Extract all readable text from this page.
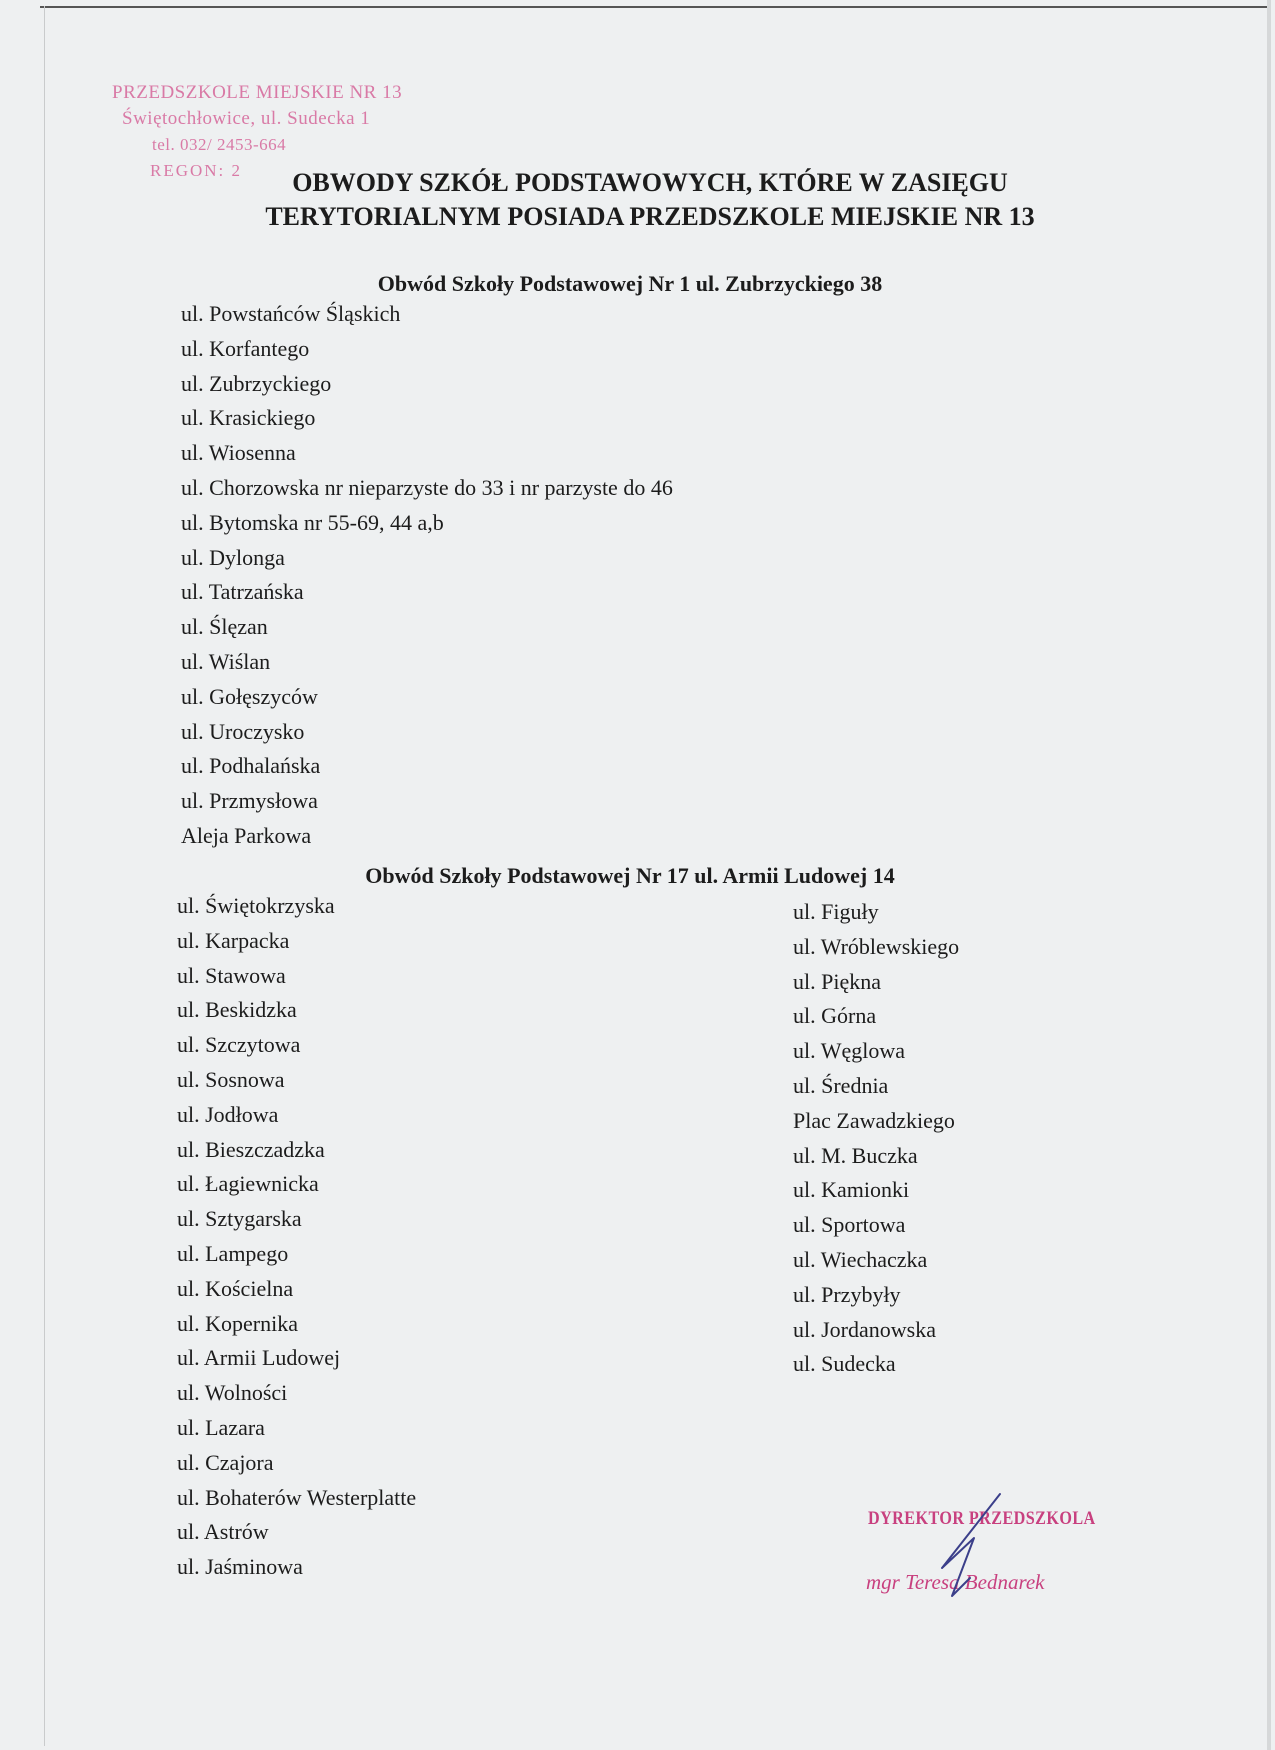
PRZEDSZKOLE MIEJSKIE NR 13
Świętochłowice, ul. Sudecka 1
tel. 032/ 2453-664
REGON: 2	OBWODY SZKÓŁ PODSTAWOWYCH, KTÓRE W ZASIĘGU
TERYTORIALNYM POSIADA PRZEDSZKOLE MIEJSKIE NR 13
Obwód Szkoły Podstawowej Nr 1 ul. Zubrzyckiego 38
ul. Powstańców Śląskich
ul. Korfantego
ul. Zubrzyckiego
ul. Krasickiego
ul. Wiosenna
ul. Chorzowska nr nieparzyste do 33 i nr parzyste do 46
ul. Bytomska nr 55-69, 44 a,b
ul. Dylonga
ul. Tatrzańska
ul. Ślęzan
ul. Wiślan
ul. Gołęszyców
ul. Uroczysko
ul. Podhalańska
ul. Przmysłowa
Aleja Parkowa
Obwód Szkoły Podstawowej Nr 17 ul. Armii Ludowej 14
ul. Świętokrzyska
ul. Karpacka
ul. Stawowa
ul. Beskidzka
ul. Szczytowa
ul. Sosnowa
ul. Jodłowa
ul. Bieszczadzka
ul. Łagiewnicka
ul. Sztygarska
ul. Lampego
ul. Kościelna
ul. Kopernika
ul. Armii Ludowej
ul. Wolności
ul. Lazara
ul. Czajora
ul. Bohaterów Westerplatte
ul. Astrów
ul. Jaśminowa
ul. Figuły
ul. Wróblewskiego
ul. Piękna
ul. Górna
ul. Węglowa
ul. Średnia
Plac Zawadzkiego
ul. M. Buczka
ul. Kamionki
ul. Sportowa
ul. Wiechaczka
ul. Przybyły
ul. Jordanowska
ul. Sudecka
DYREKTOR PRZEDSZKOLA
mgr Teresa Bednarek
